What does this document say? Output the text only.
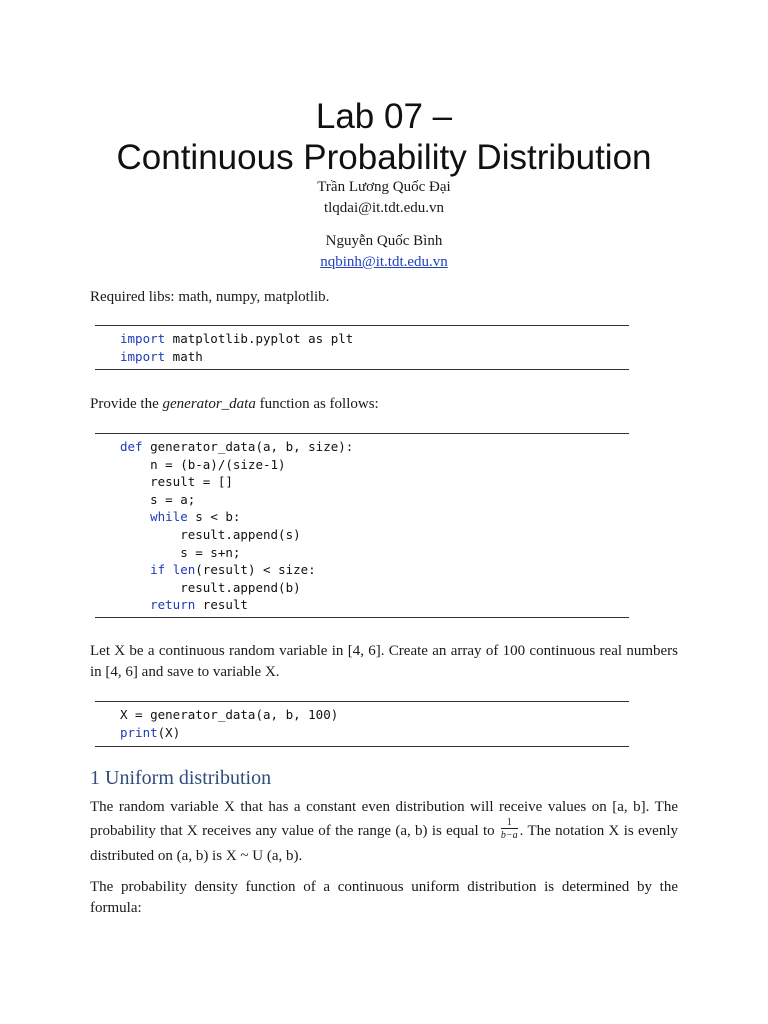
Lab 07 –
Continuous Probability Distribution
Trần Lương Quốc Đại
tlqdai@it.tdt.edu.vn
Nguyễn Quốc Bình
nqbinh@it.tdt.edu.vn
Required libs: math, numpy, matplotlib.
import matplotlib.pyplot as plt
import math
Provide the generator_data function as follows:
def generator_data(a, b, size):
n = (b-a)/(size-1)
result = []
s = a;
while s < b:
result.append(s)
s = s+n;
if len(result) < size:
result.append(b)
return result
Let X be a continuous random variable in [4, 6]. Create an array of 100 continuous real numbers in [4, 6] and save to variable X.
X = generator_data(a, b, 100)
print(X)
1 Uniform distribution
The random variable X that has a constant even distribution will receive values on [a, b]. The probability that X receives any value of the range (a, b) is equal to $\frac{1}{b-a}$ . The notation X is evenly distributed on (a, b) is X ~ U (a, b).
The probability density function of a continuous uniform distribution is determined by the formula:
